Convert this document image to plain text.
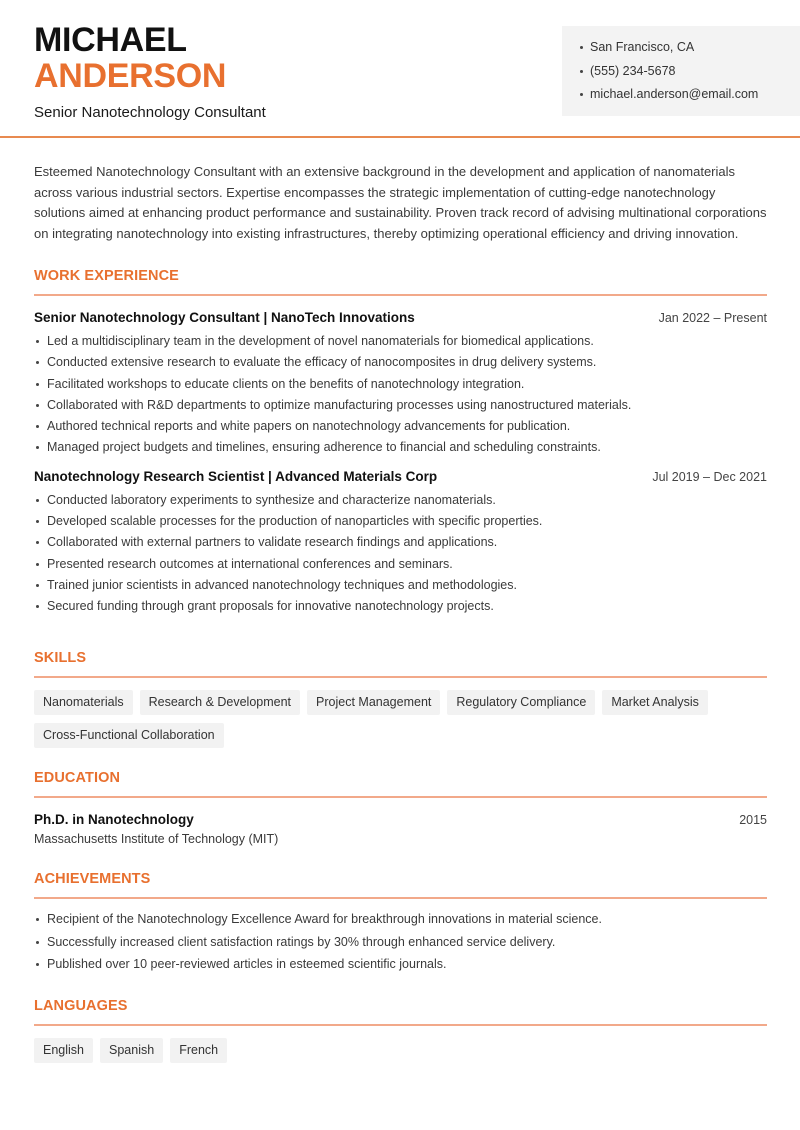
MICHAEL
ANDERSON
Senior Nanotechnology Consultant
San Francisco, CA
(555) 234-5678
michael.anderson@email.com

Esteemed Nanotechnology Consultant with an extensive background in the development and application of nanomaterials across various industrial sectors. Expertise encompasses the strategic implementation of cutting-edge nanotechnology solutions aimed at enhancing product performance and sustainability. Proven track record of advising multinational corporations on integrating nanotechnology into existing infrastructures, thereby optimizing operational efficiency and driving innovation.

WORK EXPERIENCE
Senior Nanotechnology Consultant | NanoTech Innovations	Jan 2022 – Present
Led a multidisciplinary team in the development of novel nanomaterials for biomedical applications.
Conducted extensive research to evaluate the efficacy of nanocomposites in drug delivery systems.
Facilitated workshops to educate clients on the benefits of nanotechnology integration.
Collaborated with R&D departments to optimize manufacturing processes using nanostructured materials.
Authored technical reports and white papers on nanotechnology advancements for publication.
Managed project budgets and timelines, ensuring adherence to financial and scheduling constraints.
Nanotechnology Research Scientist | Advanced Materials Corp	Jul 2019 – Dec 2021
Conducted laboratory experiments to synthesize and characterize nanomaterials.
Developed scalable processes for the production of nanoparticles with specific properties.
Collaborated with external partners to validate research findings and applications.
Presented research outcomes at international conferences and seminars.
Trained junior scientists in advanced nanotechnology techniques and methodologies.
Secured funding through grant proposals for innovative nanotechnology projects.
SKILLS
Nanomaterials	Research & Development	Project Management	Regulatory Compliance	Market Analysis
Cross-Functional Collaboration
EDUCATION
Ph.D. in Nanotechnology	2015
Massachusetts Institute of Technology (MIT)
ACHIEVEMENTS
Recipient of the Nanotechnology Excellence Award for breakthrough innovations in material science.
Successfully increased client satisfaction ratings by 30% through enhanced service delivery.
Published over 10 peer-reviewed articles in esteemed scientific journals.
LANGUAGES
English	Spanish	French
